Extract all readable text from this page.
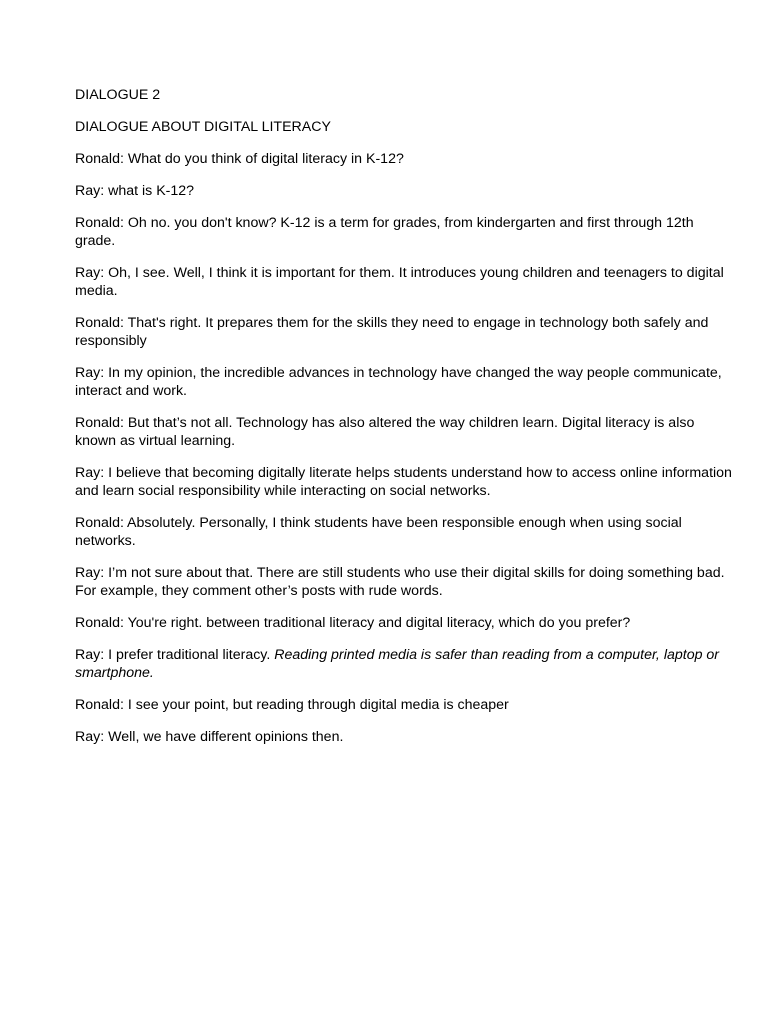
DIALOGUE 2

DIALOGUE ABOUT DIGITAL LITERACY

Ronald: What do you think of digital literacy in K-12?

Ray: what is K-12?

Ronald: Oh no. you don't know? K-12 is a term for grades, from kindergarten and first through 12th grade.

Ray: Oh, I see. Well, I think it is important for them. It introduces young children and teenagers to digital media.

Ronald: That's right. It prepares them for the skills they need to engage in technology both safely and responsibly

Ray: In my opinion, the incredible advances in technology have changed the way people communicate, interact and work.

Ronald: But that’s not all. Technology has also altered the way children learn. Digital literacy is also known as virtual learning.

Ray: I believe that becoming digitally literate helps students understand how to access online information and learn social responsibility while interacting on social networks.

Ronald: Absolutely. Personally, I think students have been responsible enough when using social networks.

Ray: I’m not sure about that. There are still students who use their digital skills for doing something bad. For example, they comment other’s posts with rude words.

Ronald: You're right. between traditional literacy and digital literacy, which do you prefer?

Ray: I prefer traditional literacy. Reading printed media is safer than reading from a computer, laptop or smartphone.

Ronald: I see your point, but reading through digital media is cheaper

Ray: Well, we have different opinions then.
